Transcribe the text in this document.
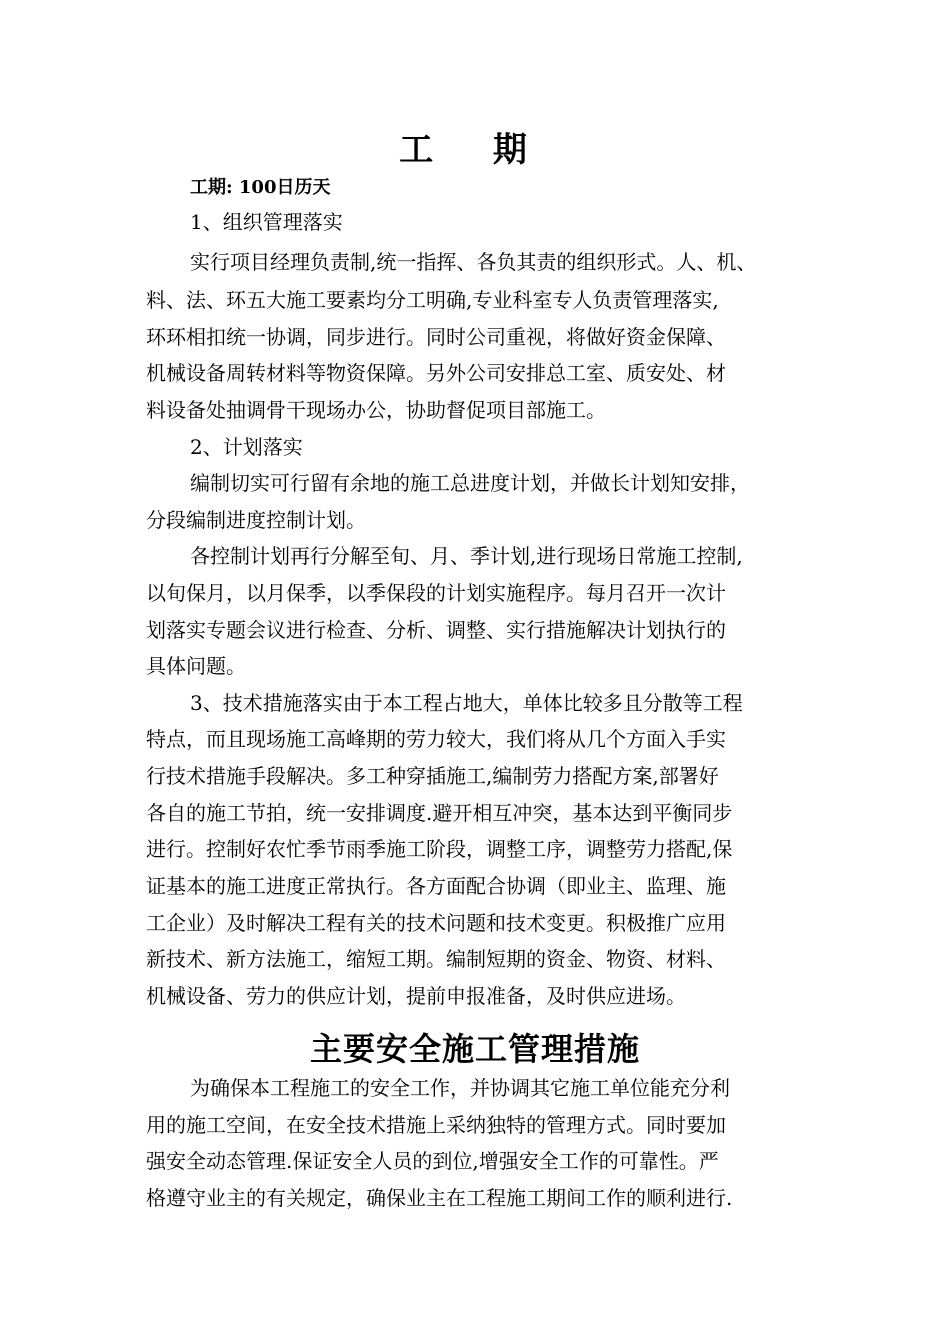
工 期
工期: 100日历天
1、组织管理落实
实行项目经理负责制,统一指挥、各负其责的组织形式。人、机、
料、法、环五大施工要素均分工明确,专业科室专人负责管理落实,
环环相扣统一协调，同步进行。同时公司重视，将做好资金保障、
机械设备周转材料等物资保障。另外公司安排总工室、质安处、材
料设备处抽调骨干现场办公，协助督促项目部施工。
2、计划落实
编制切实可行留有余地的施工总进度计划，并做长计划知安排，
分段编制进度控制计划。
各控制计划再行分解至旬、月、季计划,进行现场日常施工控制,
以旬保月，以月保季，以季保段的计划实施程序。每月召开一次计
划落实专题会议进行检查、分析、调整、实行措施解决计划执行的
具体问题。
3、技术措施落实由于本工程占地大，单体比较多且分散等工程
特点，而且现场施工高峰期的劳力较大，我们将从几个方面入手实
行技术措施手段解决。多工种穿插施工,编制劳力搭配方案,部署好
各自的施工节拍，统一安排调度.避开相互冲突，基本达到平衡同步
进行。控制好农忙季节雨季施工阶段，调整工序，调整劳力搭配,保
证基本的施工进度正常执行。各方面配合协调（即业主、监理、施
工企业）及时解决工程有关的技术问题和技术变更。积极推广应用
新技术、新方法施工，缩短工期。编制短期的资金、物资、材料、
机械设备、劳力的供应计划，提前申报准备，及时供应进场。
主要安全施工管理措施
为确保本工程施工的安全工作，并协调其它施工单位能充分利
用的施工空间，在安全技术措施上采纳独特的管理方式。同时要加
强安全动态管理.保证安全人员的到位,增强安全工作的可靠性。严
格遵守业主的有关规定，确保业主在工程施工期间工作的顺利进行.
